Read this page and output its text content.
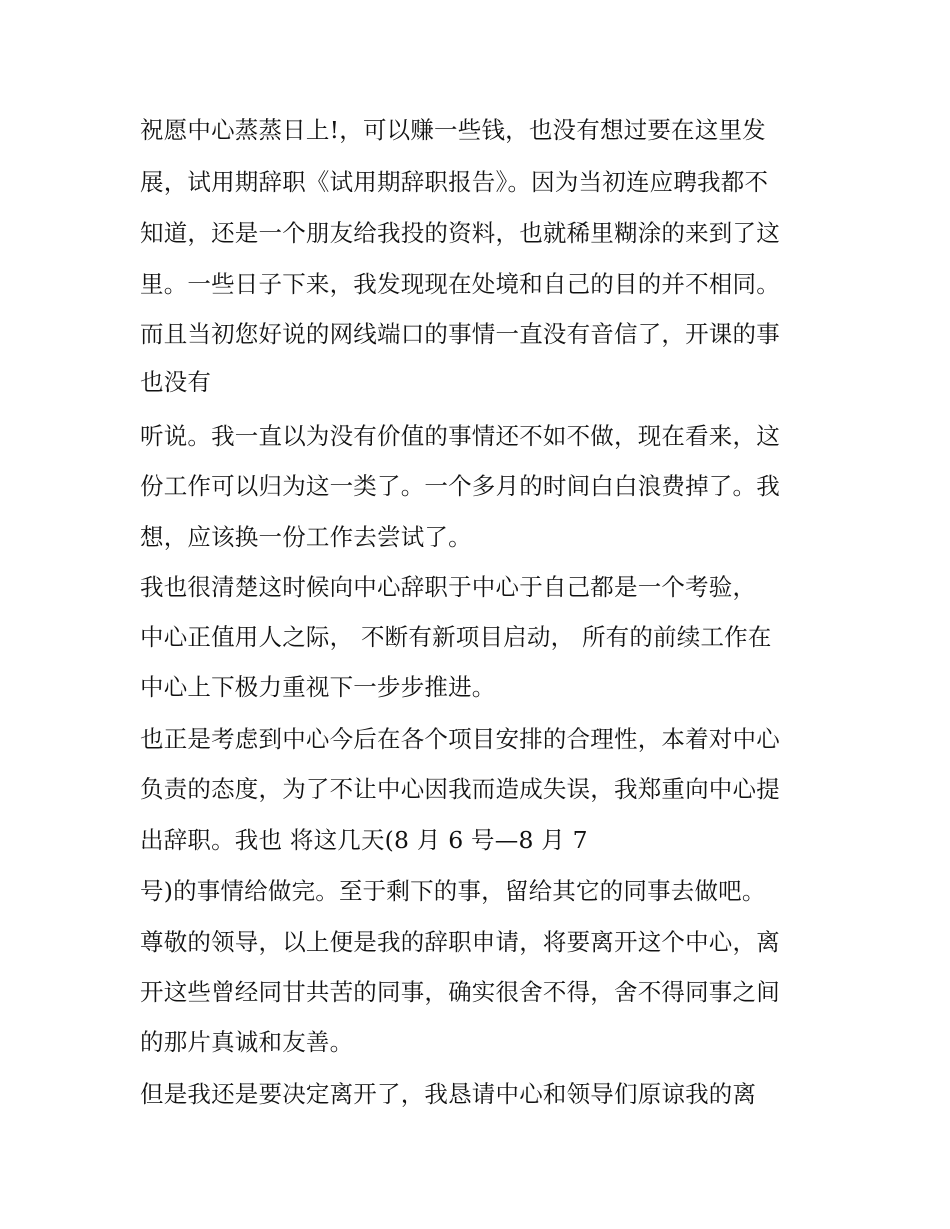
祝愿中心蒸蒸日上!，可以赚一些钱，也没有想过要在这里发
展，试用期辞职《试用期辞职报告》。因为当初连应聘我都不
知道，还是一个朋友给我投的资料，也就稀里糊涂的来到了这
里。一些日子下来，我发现现在处境和自己的目的并不相同。
而且当初您好说的网线端口的事情一直没有音信了，开课的事
也没有
听说。我一直以为没有价值的事情还不如不做，现在看来，这
份工作可以归为这一类了。一个多月的时间白白浪费掉了。我
想，应该换一份工作去尝试了。
我也很清楚这时候向中心辞职于中心于自己都是一个考验，
中心正值用人之际， 不断有新项目启动， 所有的前续工作在
中心上下极力重视下一步步推进。
也正是考虑到中心今后在各个项目安排的合理性，本着对中心
负责的态度，为了不让中心因我而造成失误，我郑重向中心提
出辞职。我也 将这几天(8 月 6 号—8 月 7
号)的事情给做完。至于剩下的事，留给其它的同事去做吧。
尊敬的领导，以上便是我的辞职申请，将要离开这个中心，离
开这些曾经同甘共苦的同事，确实很舍不得，舍不得同事之间
的那片真诚和友善。
但是我还是要决定离开了，我恳请中心和领导们原谅我的离
